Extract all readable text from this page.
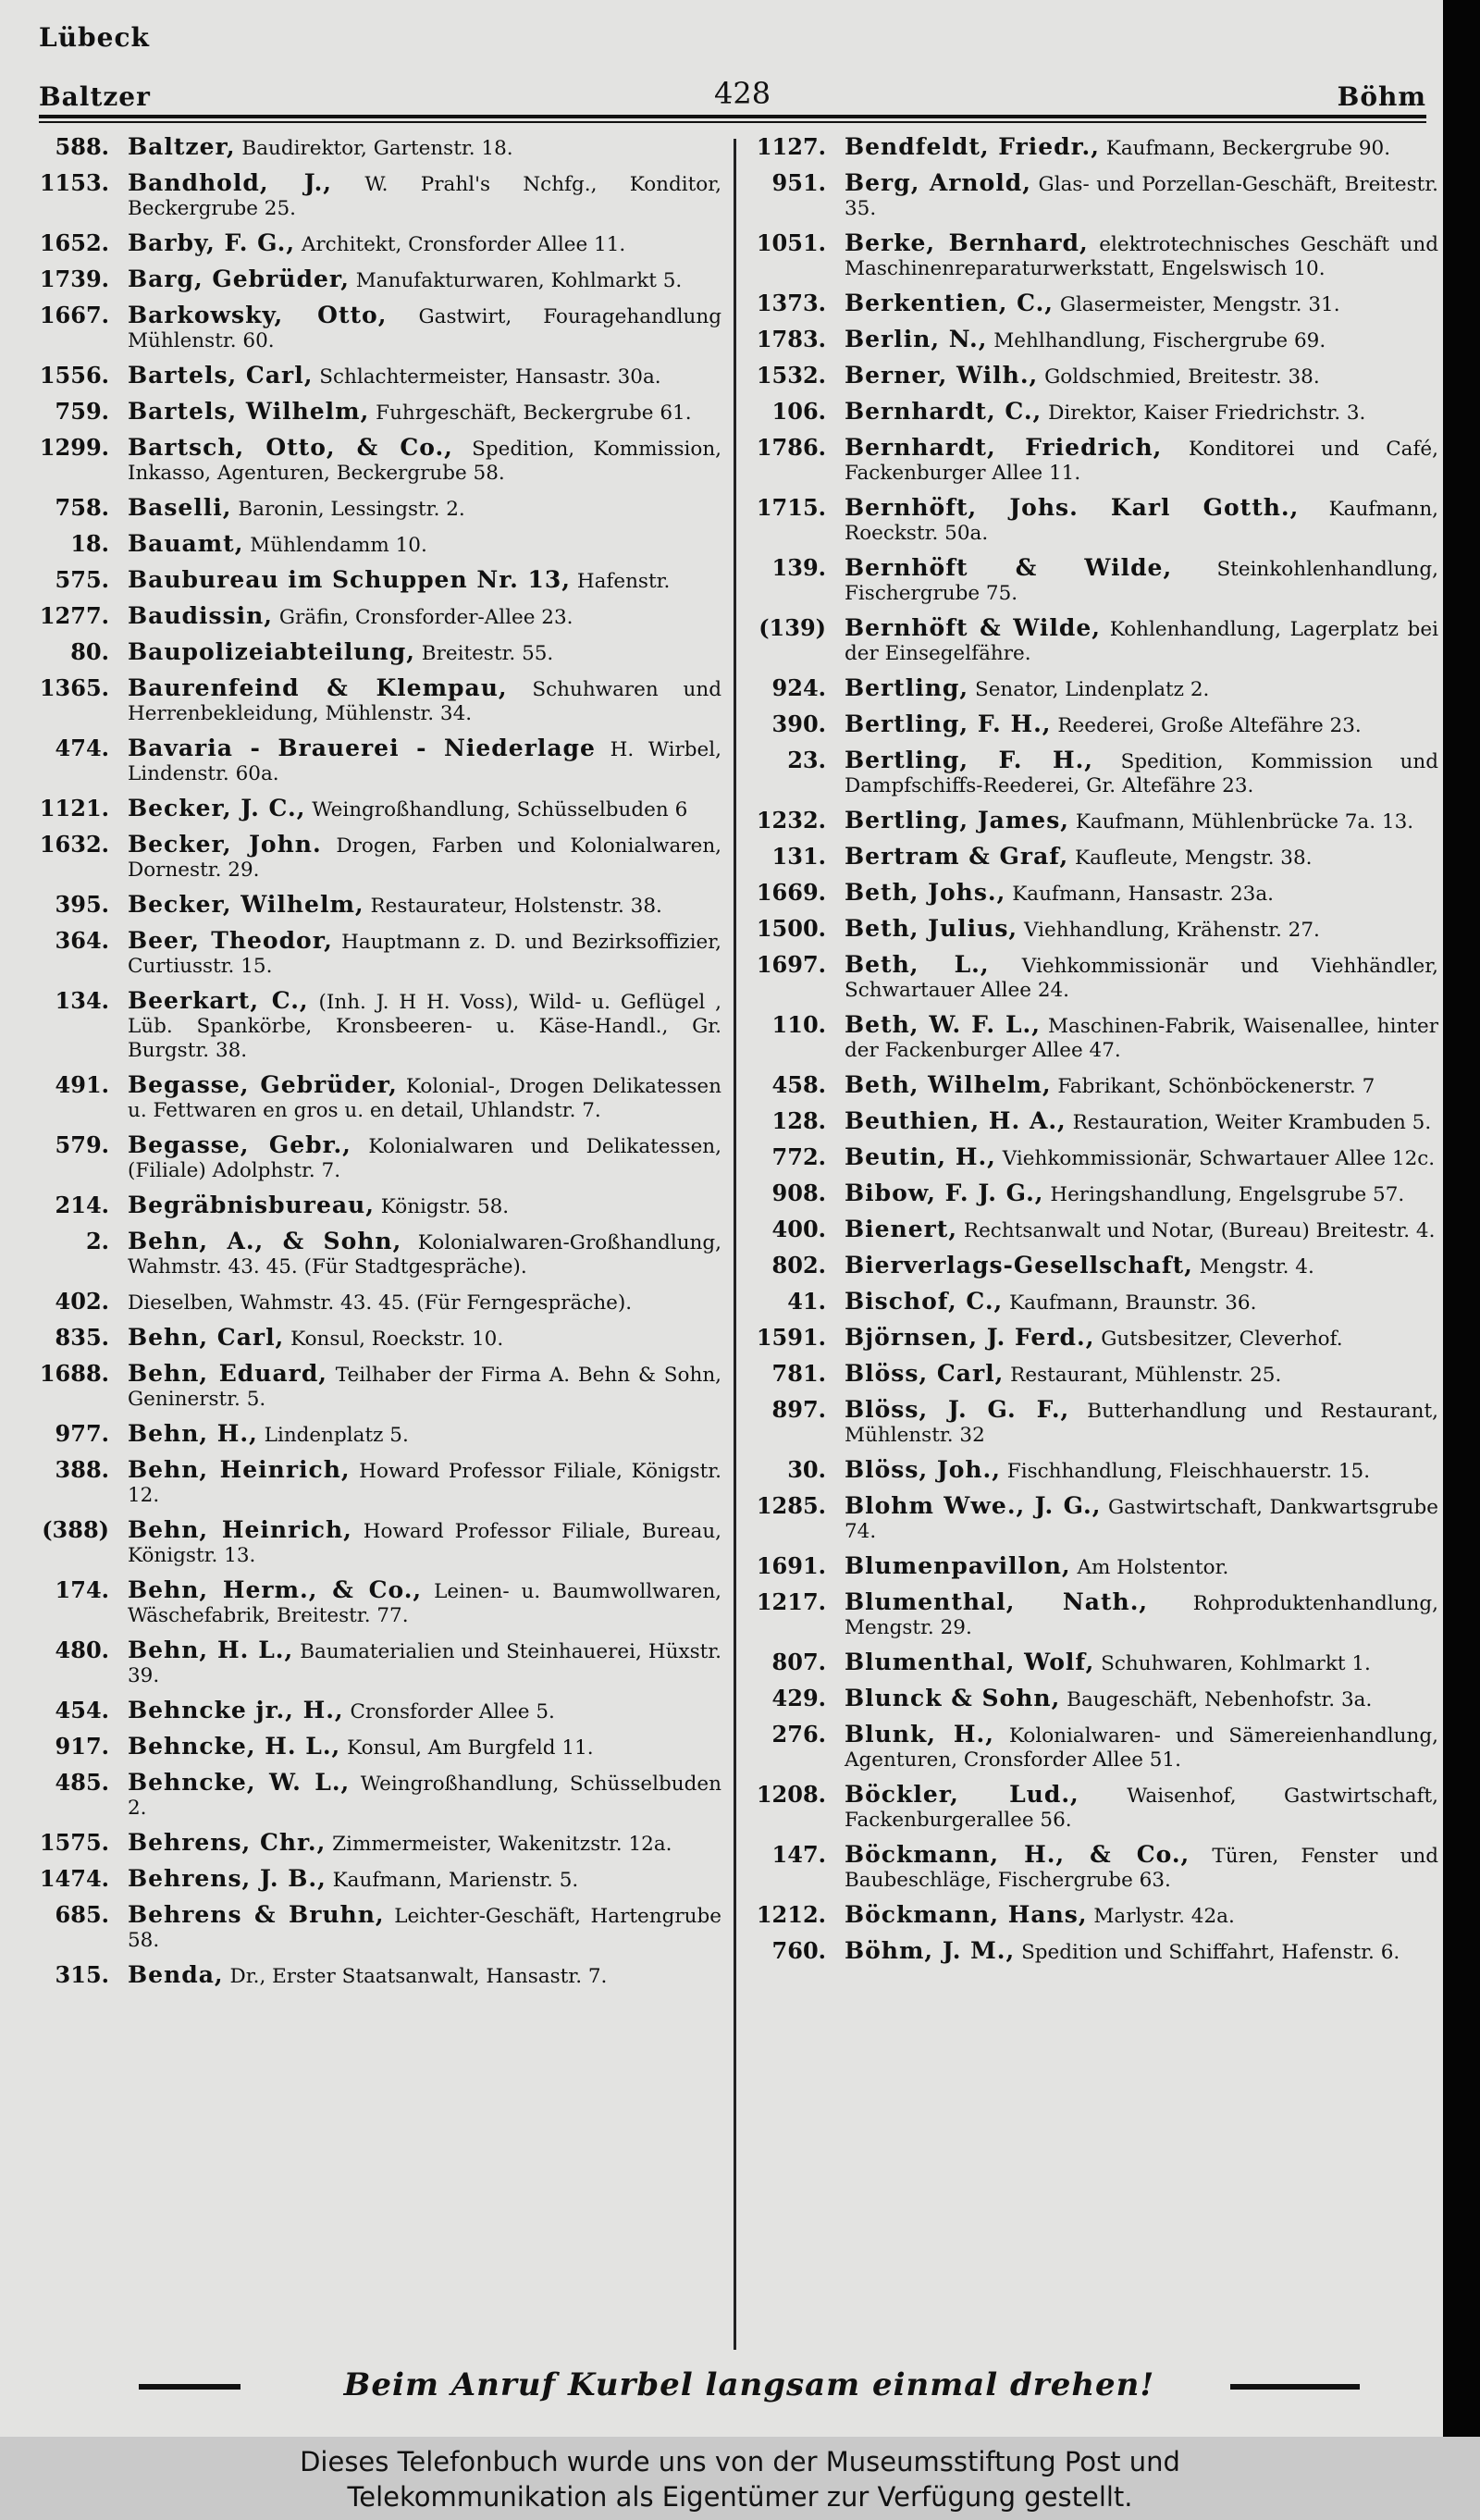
Lübeck
Baltzer	428	Böhm
588. Baltzer, Baudirektor, Gartenstr. 18.
1153. Bandhold, J., W. Prahl's Nchfg., Konditor, Beckergrube 25.
1652. Barby, F. G., Architekt, Cronsforder Allee 11.
1739. Barg, Gebrüder, Manufakturwaren, Kohlmarkt 5.
1667. Barkowsky, Otto, Gastwirt, Fouragehandlung Mühlenstr. 60.
1556. Bartels, Carl, Schlachtermeister, Hansastr. 30a.
759. Bartels, Wilhelm, Fuhrgeschäft, Beckergrube 61.
1299. Bartsch, Otto, & Co., Spedition, Kommission, Inkasso, Agenturen, Beckergrube 58.
758. Baselli, Baronin, Lessingstr. 2.
18. Bauamt, Mühlendamm 10.
575. Baubureau im Schuppen Nr. 13, Hafenstr.
1277. Baudissin, Gräfin, Cronsforder-Allee 23.
80. Baupolizeiabteilung, Breitestr. 55.
1365. Baurenfeind & Klempau, Schuhwaren und Herrenbekleidung, Mühlenstr. 34.
474. Bavaria - Brauerei - Niederlage H. Wirbel, Lindenstr. 60a.
1121. Becker, J. C., Weingroßhandlung, Schüsselbuden 6
1632. Becker, John. Drogen, Farben und Kolonialwaren, Dornestr. 29.
395. Becker, Wilhelm, Restaurateur, Holstenstr. 38.
364. Beer, Theodor, Hauptmann z. D. und Bezirksoffizier, Curtiusstr. 15.
134. Beerkart, C., (Inh. J. H H. Voss), Wild- u. Geflügel , Lüb. Spankörbe, Kronsbeeren- u. Käse-Handl., Gr. Burgstr. 38.
491. Begasse, Gebrüder, Kolonial-, Drogen Delikatessen u. Fettwaren en gros u. en detail, Uhlandstr. 7.
579. Begasse, Gebr., Kolonialwaren und Delikatessen, (Filiale) Adolphstr. 7.
214. Begräbnisbureau, Königstr. 58.
2. Behn, A., & Sohn, Kolonialwaren-Großhandlung, Wahmstr. 43. 45. (Für Stadtgespräche).
402. Dieselben, Wahmstr. 43. 45. (Für Ferngespräche).
835. Behn, Carl, Konsul, Roeckstr. 10.
1688. Behn, Eduard, Teilhaber der Firma A. Behn & Sohn, Geninerstr. 5.
977. Behn, H., Lindenplatz 5.
388. Behn, Heinrich, Howard Professor Filiale, Königstr. 12.
(388) Behn, Heinrich, Howard Professor Filiale, Bureau, Königstr. 13.
174. Behn, Herm., & Co., Leinen- u. Baumwollwaren, Wäschefabrik, Breitestr. 77.
480. Behn, H. L., Baumaterialien und Steinhauerei, Hüxstr. 39.
454. Behncke jr., H., Cronsforder Allee 5.
917. Behncke, H. L., Konsul, Am Burgfeld 11.
485. Behncke, W. L., Weingroßhandlung, Schüsselbuden 2.
1575. Behrens, Chr., Zimmermeister, Wakenitzstr. 12a.
1474. Behrens, J. B., Kaufmann, Marienstr. 5.
685. Behrens & Bruhn, Leichter-Geschäft, Hartengrube 58.
315. Benda, Dr., Erster Staatsanwalt, Hansastr. 7.
1127. Bendfeldt, Friedr., Kaufmann, Beckergrube 90.
951. Berg, Arnold, Glas- und Porzellan-Geschäft, Breitestr. 35.
1051. Berke, Bernhard, elektrotechnisches Geschäft und Maschinenreparaturwerkstatt, Engelswisch 10.
1373. Berkentien, C., Glasermeister, Mengstr. 31.
1783. Berlin, N., Mehlhandlung, Fischergrube 69.
1532. Berner, Wilh., Goldschmied, Breitestr. 38.
106. Bernhardt, C., Direktor, Kaiser Friedrichstr. 3.
1786. Bernhardt, Friedrich, Konditorei und Café, Fackenburger Allee 11.
1715. Bernhöft, Johs. Karl Gotth., Kaufmann, Roeckstr. 50a.
139. Bernhöft & Wilde, Steinkohlenhandlung, Fischergrube 75.
(139) Bernhöft & Wilde, Kohlenhandlung, Lagerplatz bei der Einsegelfähre.
924. Bertling, Senator, Lindenplatz 2.
390. Bertling, F. H., Reederei, Große Altefähre 23.
23. Bertling, F. H., Spedition, Kommission und Dampfschiffs-Reederei, Gr. Altefähre 23.
1232. Bertling, James, Kaufmann, Mühlenbrücke 7a. 13.
131. Bertram & Graf, Kaufleute, Mengstr. 38.
1669. Beth, Johs., Kaufmann, Hansastr. 23a.
1500. Beth, Julius, Viehhandlung, Krähenstr. 27.
1697. Beth, L., Viehkommissionär und Viehhändler, Schwartauer Allee 24.
110. Beth, W. F. L., Maschinen-Fabrik, Waisenallee, hinter der Fackenburger Allee 47.
458. Beth, Wilhelm, Fabrikant, Schönböckenerstr. 7
128. Beuthien, H. A., Restauration, Weiter Krambuden 5.
772. Beutin, H., Viehkommissionär, Schwartauer Allee 12c.
908. Bibow, F. J. G., Heringshandlung, Engelsgrube 57.
400. Bienert, Rechtsanwalt und Notar, (Bureau) Breitestr. 4.
802. Bierverlags-Gesellschaft, Mengstr. 4.
41. Bischof, C., Kaufmann, Braunstr. 36.
1591. Björnsen, J. Ferd., Gutsbesitzer, Cleverhof.
781. Blöss, Carl, Restaurant, Mühlenstr. 25.
897. Blöss, J. G. F., Butterhandlung und Restaurant, Mühlenstr. 32
30. Blöss, Joh., Fischhandlung, Fleischhauerstr. 15.
1285. Blohm Wwe., J. G., Gastwirtschaft, Dankwartsgrube 74.
1691. Blumenpavillon, Am Holstentor.
1217. Blumenthal, Nath., Rohproduktenhandlung, Mengstr. 29.
807. Blumenthal, Wolf, Schuhwaren, Kohlmarkt 1.
429. Blunck & Sohn, Baugeschäft, Nebenhofstr. 3a.
276. Blunk, H., Kolonialwaren- und Sämereienhandlung, Agenturen, Cronsforder Allee 51.
1208. Böckler, Lud., Waisenhof, Gastwirtschaft, Fackenburgerallee 56.
147. Böckmann, H., & Co., Türen, Fenster und Baubeschläge, Fischergrube 63.
1212. Böckmann, Hans, Marlystr. 42a.
760. Böhm, J. M., Spedition und Schiffahrt, Hafenstr. 6.
Beim Anruf Kurbel langsam einmal drehen!
Dieses Telefonbuch wurde uns von der Museumsstiftung Post und
Telekommunikation als Eigentümer zur Verfügung gestellt.
